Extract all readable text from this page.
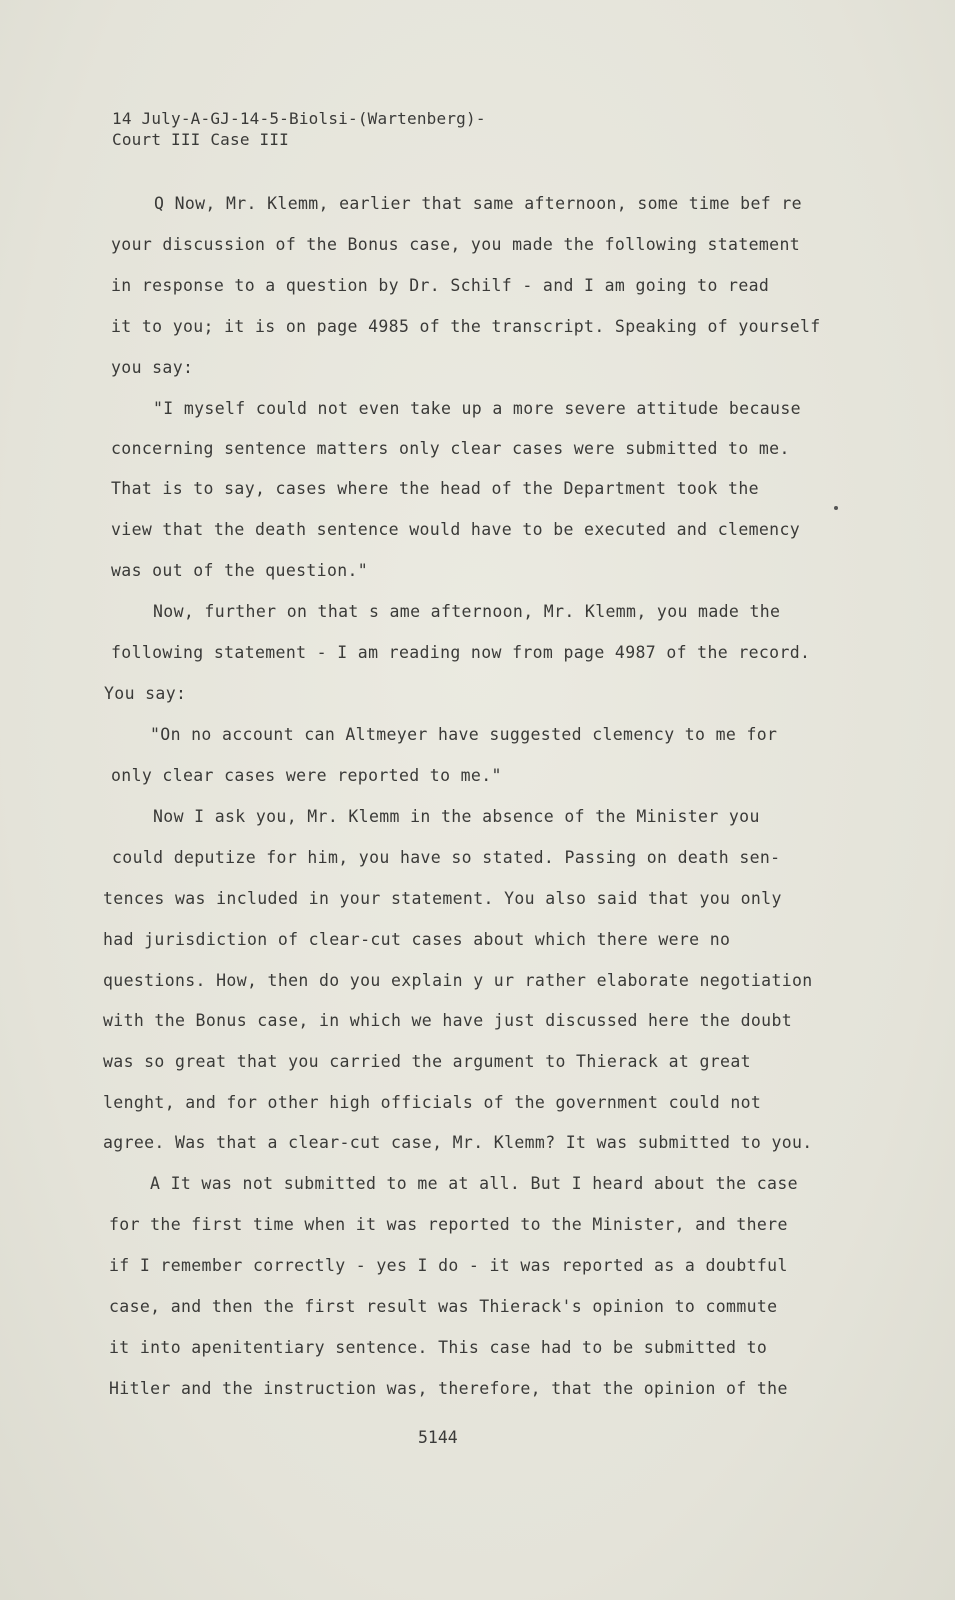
14 July-A-GJ-14-5-Biolsi-(Wartenberg)-
Court III Case III
Q Now, Mr. Klemm, earlier that same afternoon, some time bef re
your discussion of the Bonus case, you made the following statement
in response to a question by Dr. Schilf - and I am going to read
it to you; it is on page 4985 of the transcript. Speaking of yourself
you say:
"I myself could not even take up a more severe attitude because
concerning sentence matters only clear cases were submitted to me.
That is to say, cases where the head of the Department took the
view that the death sentence would have to be executed and clemency
was out of the question."
Now, further on that s ame afternoon, Mr. Klemm, you made the
following statement - I am reading now from page 4987 of the record.
You say:
"On no account can Altmeyer have suggested clemency to me for
only clear cases were reported to me."
Now I ask you, Mr. Klemm in the absence of the Minister you
could deputize for him, you have so stated. Passing on death sen-
tences was included in your statement. You also said that you only
had jurisdiction of clear-cut cases about which there were no
questions. How, then do you explain y ur rather elaborate negotiation
with the Bonus case, in which we have just discussed here the doubt
was so great that you carried the argument to Thierack at great
lenght, and for other high officials of the government could not
agree. Was that a clear-cut case, Mr. Klemm? It was submitted to you.
A It was not submitted to me at all. But I heard about the case
for the first time when it was reported to the Minister, and there
if I remember correctly - yes I do - it was reported as a doubtful
case, and then the first result was Thierack's opinion to commute
it into apenitentiary sentence. This case had to be submitted to
Hitler and the instruction was, therefore, that the opinion of the
5144
